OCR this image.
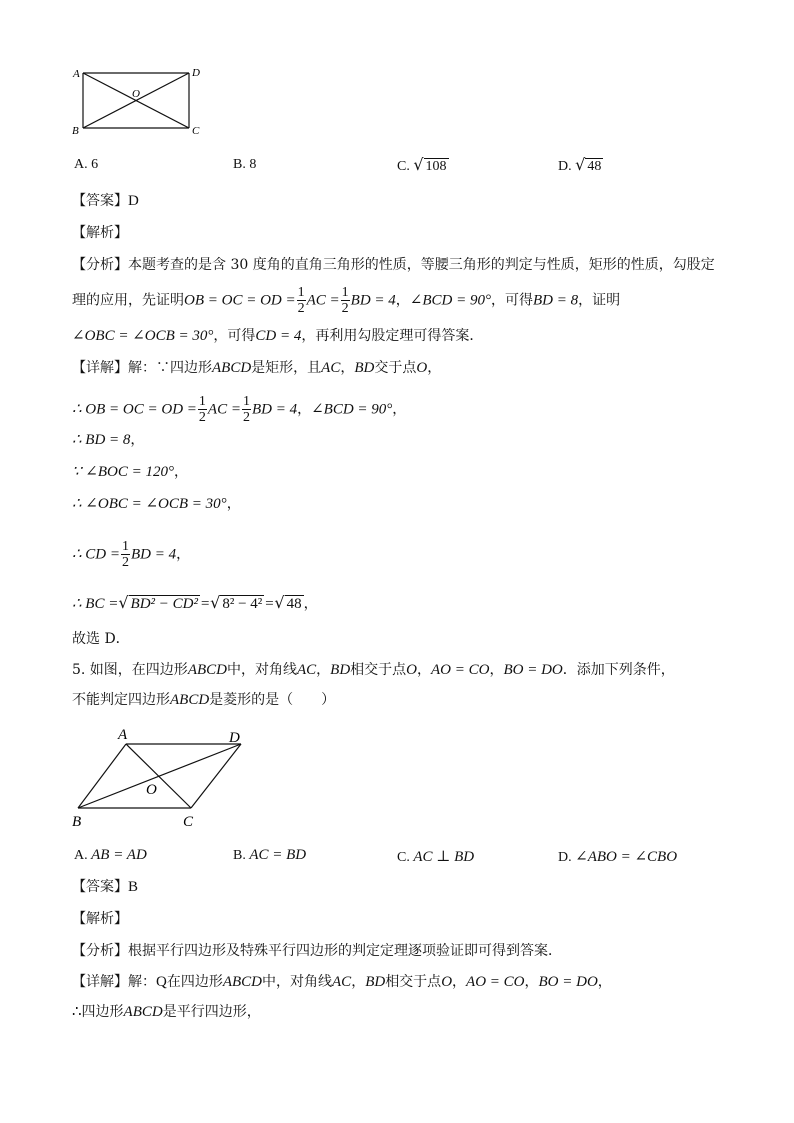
A	D
B	C
O
A. 6	B. 8	C. √ 108	D. √ 48
【答案】D
【解析】
【分析】本题考查的是含 30 度角的直角三角形的性质，等腰三角形的判定与性质，矩形的性质，勾股定
理的应用，先证明OB = OC = OD = $\frac{1}{2}$ AC = $\frac{1}{2}$ BD = 4，∠BCD = 90°，可得BD = 8，证明
∠OBC = ∠OCB = 30°，可得CD = 4，再利用勾股定理可得答案．
【详解】解：∵四边形ABCD是矩形，且AC，BD交于点O，
∴ OB = OC = OD = $\frac{1}{2}$ AC = $\frac{1}{2}$ BD = 4，∠BCD = 90°，
∴ BD = 8，
∵ ∠BOC = 120°，
∴ ∠OBC = ∠OCB = 30°，
∴ CD = $\frac{1}{2}$ BD = 4，
∴ BC =√ BD² − CD² =√ 8² − 4² =√ 48 ，
故选 D．
5. 如图，在四边形ABCD中，对角线AC，BD相交于点O，AO = CO，BO = DO．添加下列条件，
不能判定四边形ABCD是菱形的是（　　）
A	D
B	C
O
A. AB = AD	B. AC = BD	C. AC ⊥ BD	D. ∠ABO = ∠CBO
【答案】B
【解析】
【分析】根据平行四边形及特殊平行四边形的判定定理逐项验证即可得到答案．
【详解】解：Q在四边形ABCD中，对角线AC，BD相交于点O，AO = CO，BO = DO，
∴四边形ABCD是平行四边形，
